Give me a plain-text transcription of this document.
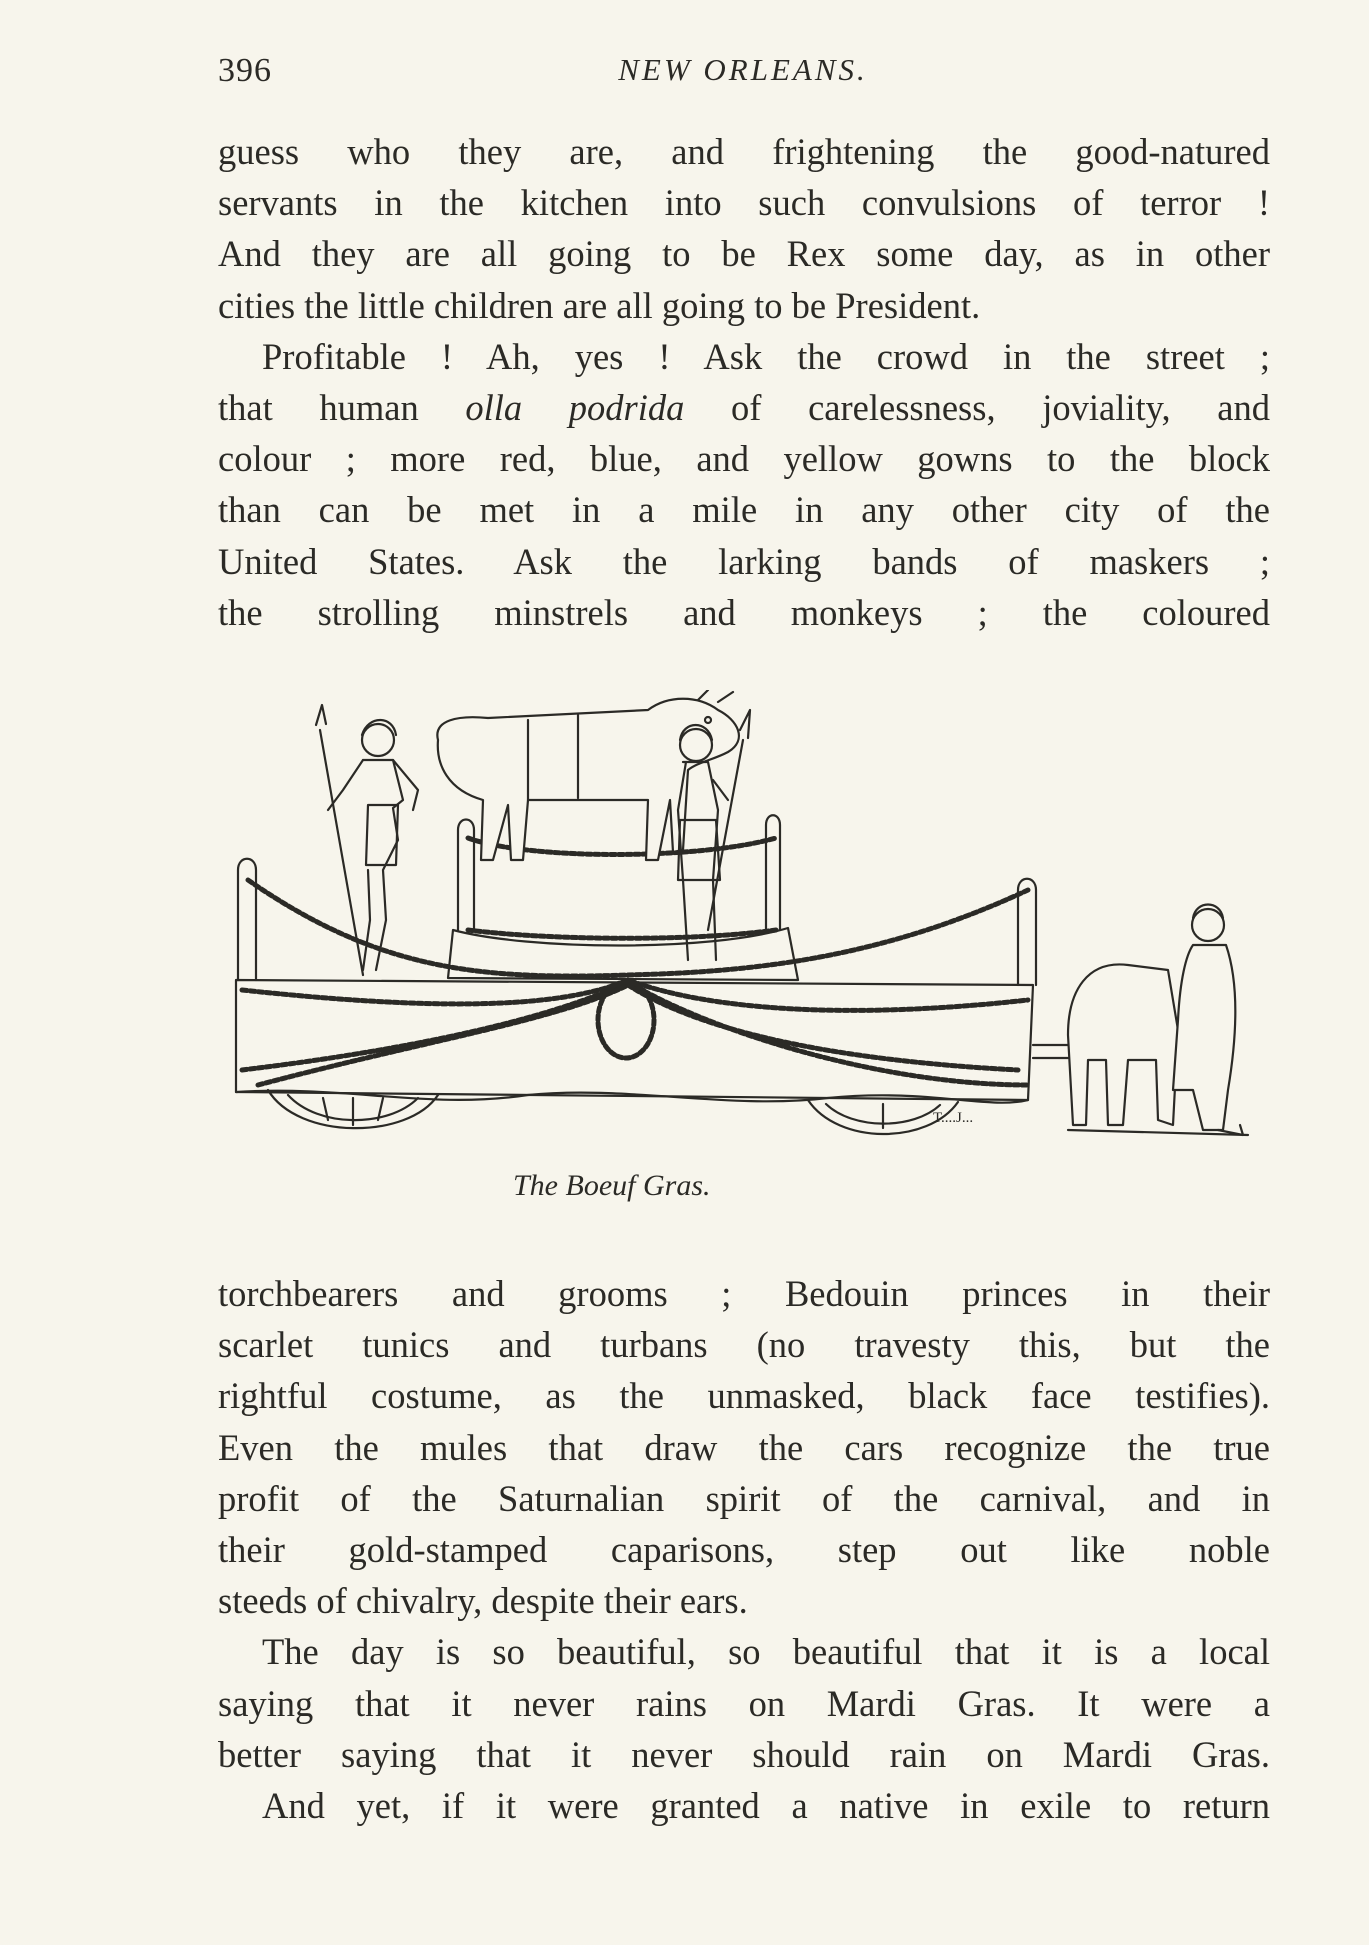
396	NEW ORLEANS.
guess who they are, and frightening the good-natured
servants in the kitchen into such convulsions of terror !
And they are all going to be Rex some day, as in other
cities the little children are all going to be President.
Profitable ! Ah, yes ! Ask the crowd in the street ;
that human olla podrida of carelessness, joviality, and
colour ; more red, blue, and yellow gowns to the block
than can be met in a mile in any other city of the
United States. Ask the larking bands of maskers ;
the strolling minstrels and monkeys ; the coloured
T....J...
The Boeuf Gras.
torchbearers and grooms ; Bedouin princes in their
scarlet tunics and turbans (no travesty this, but the
rightful costume, as the unmasked, black face testifies).
Even the mules that draw the cars recognize the true
profit of the Saturnalian spirit of the carnival, and in
their gold-stamped caparisons, step out like noble
steeds of chivalry, despite their ears.
The day is so beautiful, so beautiful that it is a local
saying that it never rains on Mardi Gras. It were a
better saying that it never should rain on Mardi Gras.
And yet, if it were granted a native in exile to return
